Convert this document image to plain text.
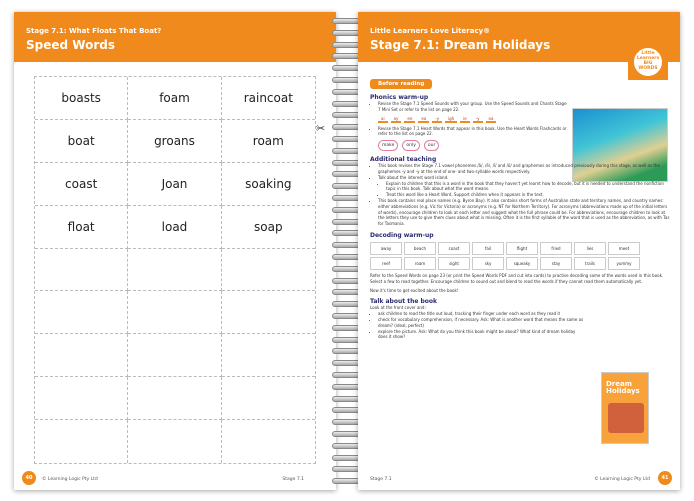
Stage 7.1: What Floats That Boat?
Speed Words
boasts	foam	raincoat
boat	groans	roam
coast	Joan	soaking
float	load	soap
✂
40	© Learning Logic Pty Ltd	Stage 7.1
Little Learners Love Literacy®
Stage 7.1: Dream Holidays
Little Learners BIG WORDS
Before reading
Phonics warm-up
• Revise the Stage 7.1 Speed Sounds with your group. Use the Speed Sounds and Chants Stage 7 Mini Set or refer to the list on page 22.
ai	ay	ee	ea	-y	igh	ie	-y	oa
• Revise the Stage 7.1 Heart Words that appear in this book. Use the Heart Words Flashcards or refer to the list on page 22.
make	only	our
Additional teaching
• This book revises the Stage 7.1 vowel phonemes /ā/, /ē/, /ī/ and /ō/ and graphemes as introduced previously during this stage, as well as the graphemes -y and -y at the end of one- and two-syllable words respectively.
• Talk about the interest word island.
• Explain to children that this is a word in the book that they haven't yet learnt how to decode, but it is needed to understand the nonfiction topic in this book. Talk about what the word means.
• Treat this word like a Heart Word. Support children when it appears in the text.
• This book contains real place names (e.g. Byron Bay). It also contains short forms of Australian state and territory names, and country names: either abbreviations (e.g. Vic for Victoria) or acronyms (e.g. NT for Northern Territory). For acronyms (abbreviations made up of the initial letters of words), encourage children to look at each letter and suggest what the full phrase could be. For abbreviations, encourage children to look at the letters they use to give them clues about what is missing. Often it is the first syllable of the word that is used as the abbreviation, as with Tas for Tasmania.
Decoding warm-up
away	beach	coast	fail	flight	fried	lies	meet
reef	roam	sight	sky	squeaky	stay	trails	yummy
Refer to the Speed Words on page 23 (or print the Speed Words PDF and cut into cards) to practise decoding some of the words used in this book. Select a few to read together. Encourage children to sound out and blend to read the words if they cannot read them automatically yet.
Now it's time to get excited about the book!
Talk about the book
Look at the front cover and:
• ask children to read the title out loud, tracking their finger under each word as they read it
• check for vocabulary comprehension, if necessary. Ask: What is another word that means the same as dream? (ideal, perfect)
• explore the picture. Ask: What do you think this book might be about? What kind of dream holiday does it show?
Dream Holidays
Stage 7.1	© Learning Logic Pty Ltd	41
